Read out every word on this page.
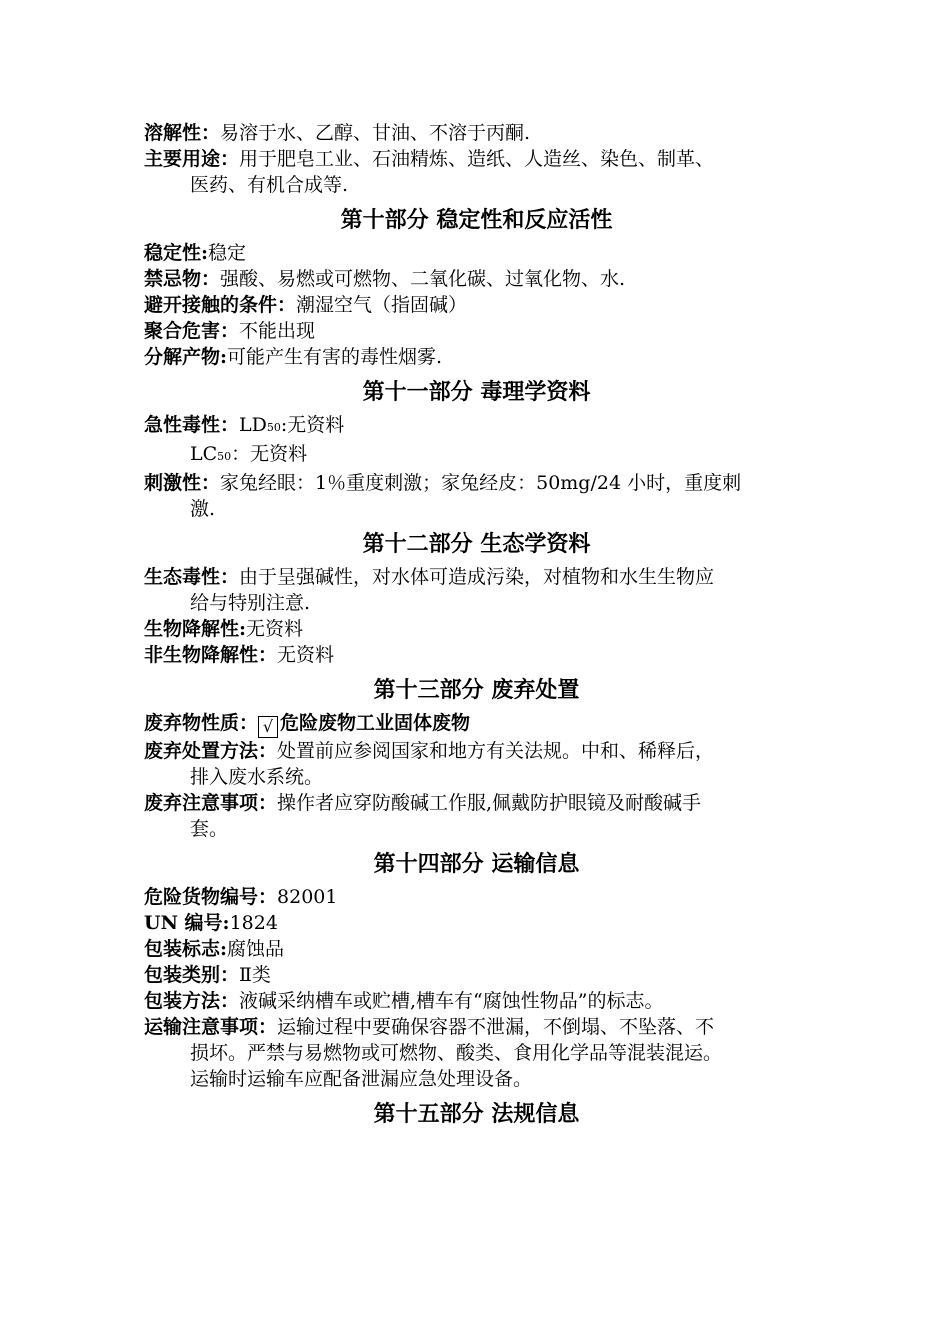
溶解性：易溶于水、乙醇、甘油、不溶于丙酮.
主要用途：用于肥皂工业、石油精炼、造纸、人造丝、染色、制革、
医药、有机合成等.
第十部分 稳定性和反应活性
稳定性:稳定
禁忌物：强酸、易燃或可燃物、二氧化碳、过氧化物、水.
避开接触的条件：潮湿空气（指固碱）
聚合危害：不能出现
分解产物:可能产生有害的毒性烟雾.
第十一部分 毒理学资料
急性毒性：LD50:无资料
LC50：无资料
刺激性： 家兔经眼：1％重度刺激；家兔经皮：50mg/24 小时，重度刺
激.
第十二部分 生态学资料
生态毒性： 由于呈强碱性，对水体可造成污染，对植物和水生生物应
给与特别注意.
生物降解性:无资料
非生物降解性：无资料
第十三部分 废弃处置
废弃物性质： √ 危险废物工业固体废物
废弃处置方法：处置前应参阅国家和地方有关法规。中和、稀释后，
排入废水系统。
废弃注意事项：操作者应穿防酸碱工作服,佩戴防护眼镜及耐酸碱手
套。
第十四部分 运输信息
危险货物编号：82001
UN 编号:1824
包装标志:腐蚀品
包装类别：Ⅱ类
包装方法：液碱采纳槽车或贮槽,槽车有“腐蚀性物品”的标志。
运输注意事项： 运输过程中要确保容器不泄漏，不倒塌、不坠落、不
损坏。严禁与易燃物或可燃物、酸类、食用化学品等混装混运。
运输时运输车应配备泄漏应急处理设备。
第十五部分 法规信息
